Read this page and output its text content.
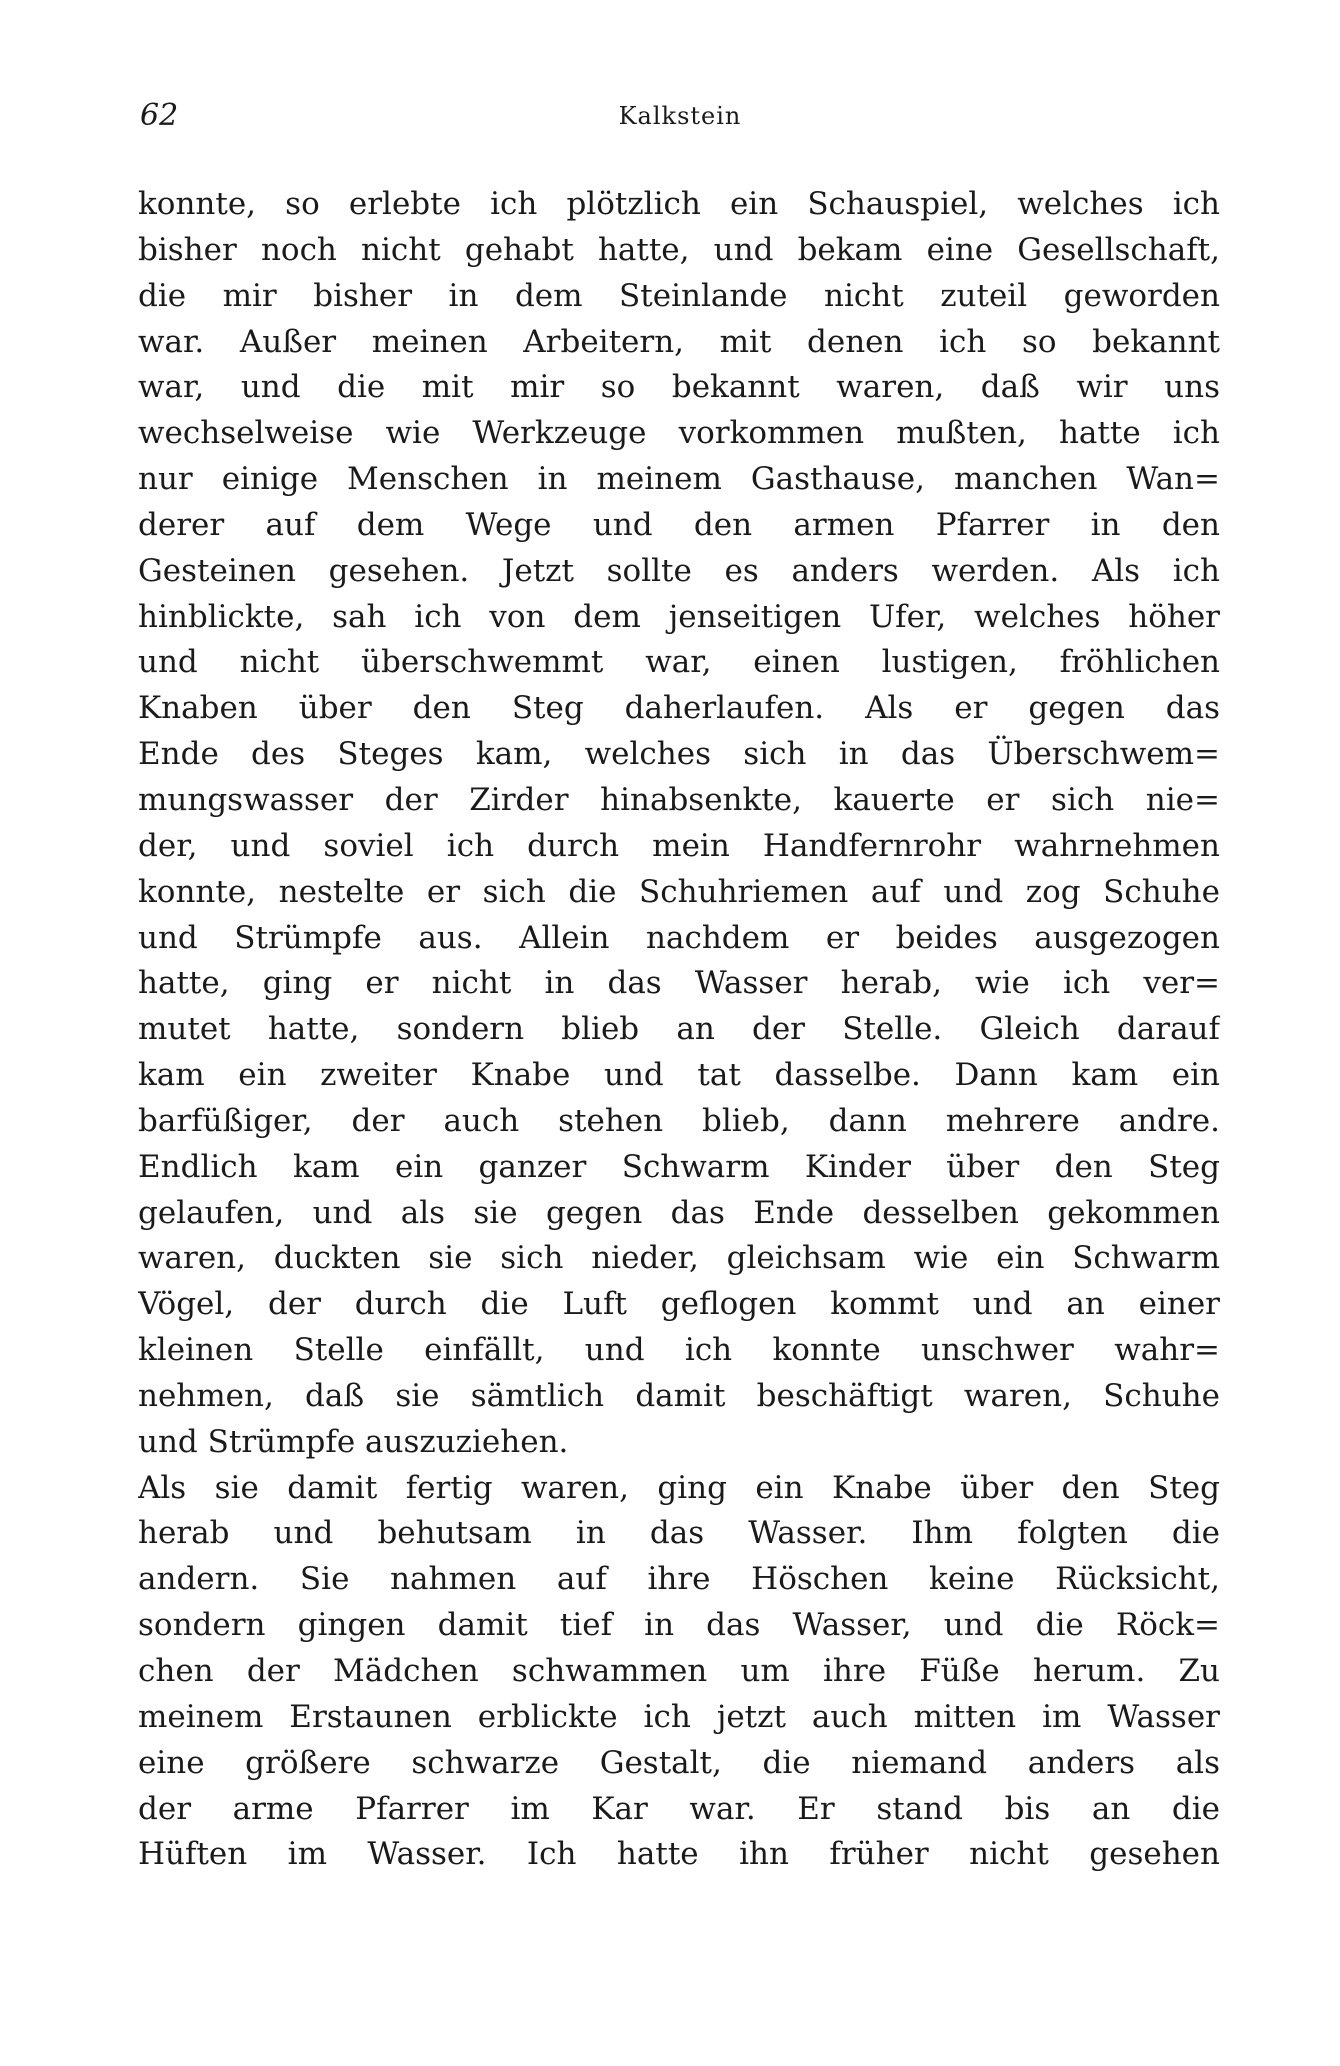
62	Kalkstein
konnte, so erlebte ich plötzlich ein Schauspiel, welches ich
bisher noch nicht gehabt hatte, und bekam eine Gesellschaft,
die mir bisher in dem Steinlande nicht zuteil geworden
war. Außer meinen Arbeitern, mit denen ich so bekannt
war, und die mit mir so bekannt waren, daß wir uns
wechselweise wie Werkzeuge vorkommen mußten, hatte ich
nur einige Menschen in meinem Gasthause, manchen Wan=
derer auf dem Wege und den armen Pfarrer in den
Gesteinen gesehen. Jetzt sollte es anders werden. Als ich
hinblickte, sah ich von dem jenseitigen Ufer, welches höher
und nicht überschwemmt war, einen lustigen, fröhlichen
Knaben über den Steg daherlaufen. Als er gegen das
Ende des Steges kam, welches sich in das Überschwem=
mungswasser der Zirder hinabsenkte, kauerte er sich nie=
der, und soviel ich durch mein Handfernrohr wahrnehmen
konnte, nestelte er sich die Schuhriemen auf und zog Schuhe
und Strümpfe aus. Allein nachdem er beides ausgezogen
hatte, ging er nicht in das Wasser herab, wie ich ver=
mutet hatte, sondern blieb an der Stelle. Gleich darauf
kam ein zweiter Knabe und tat dasselbe. Dann kam ein
barfüßiger, der auch stehen blieb, dann mehrere andre.
Endlich kam ein ganzer Schwarm Kinder über den Steg
gelaufen, und als sie gegen das Ende desselben gekommen
waren, duckten sie sich nieder, gleichsam wie ein Schwarm
Vögel, der durch die Luft geflogen kommt und an einer
kleinen Stelle einfällt, und ich konnte unschwer wahr=
nehmen, daß sie sämtlich damit beschäftigt waren, Schuhe
und Strümpfe auszuziehen.
Als sie damit fertig waren, ging ein Knabe über den Steg
herab und behutsam in das Wasser. Ihm folgten die
andern. Sie nahmen auf ihre Höschen keine Rücksicht,
sondern gingen damit tief in das Wasser, und die Röck=
chen der Mädchen schwammen um ihre Füße herum. Zu
meinem Erstaunen erblickte ich jetzt auch mitten im Wasser
eine größere schwarze Gestalt, die niemand anders als
der arme Pfarrer im Kar war. Er stand bis an die
Hüften im Wasser. Ich hatte ihn früher nicht gesehen
